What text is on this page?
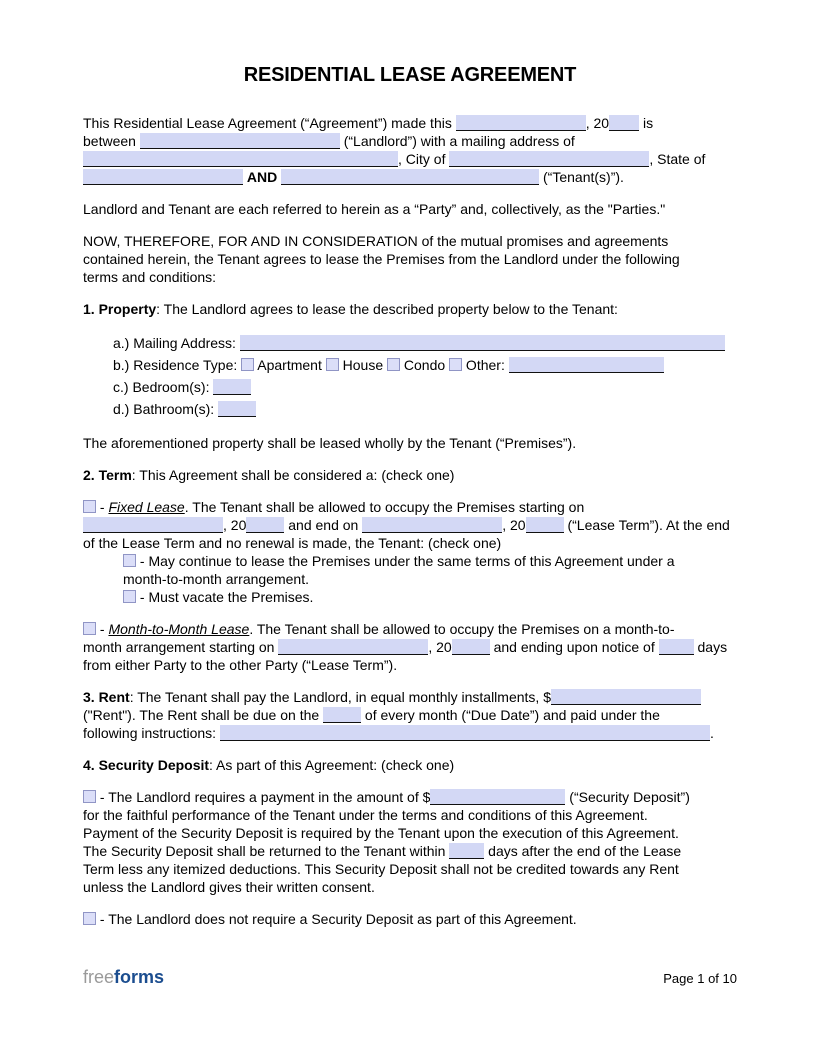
RESIDENTIAL LEASE AGREEMENT

This Residential Lease Agreement (“Agreement”) made this	, 20 is
between	(“Landlord”) with a mailing address of
, City of	, State of
AND	(“Tenant(s)”).

Landlord and Tenant are each referred to herein as a “Party” and, collectively, as the "Parties."

NOW, THEREFORE, FOR AND IN CONSIDERATION of the mutual promises and agreements
contained herein, the Tenant agrees to lease the Premises from the Landlord under the following
terms and conditions:

1. Property: The Landlord agrees to lease the described property below to the Tenant:

a.) Mailing Address:

b.) Residence Type:  Apartment  House  Condo  Other:

c.) Bedroom(s):

d.) Bathroom(s):

The aforementioned property shall be leased wholly by the Tenant (“Premises”).

2. Term: This Agreement shall be considered a: (check one)

- Fixed Lease. The Tenant shall be allowed to occupy the Premises starting on
, 20	and end on	, 20	(“Lease Term”). At the end
of the Lease Term and no renewal is made, the Tenant: (check one)

- May continue to lease the Premises under the same terms of this Agreement under a
month-to-month arrangement.

- Must vacate the Premises.

- Month-to-Month Lease. The Tenant shall be allowed to occupy the Premises on a month-to-
month arrangement starting on	, 20	and ending upon notice of	days
from either Party to the other Party (“Lease Term”).

3. Rent: The Tenant shall pay the Landlord, in equal monthly installments, $
("Rent"). The Rent shall be due on the	of every month (“Due Date”) and paid under the
following instructions:	.

4. Security Deposit: As part of this Agreement: (check one)

- The Landlord requires a payment in the amount of $	(“Security Deposit”)
for the faithful performance of the Tenant under the terms and conditions of this Agreement.
Payment of the Security Deposit is required by the Tenant upon the execution of this Agreement.
The Security Deposit shall be returned to the Tenant within	days after the end of the Lease
Term less any itemized deductions. This Security Deposit shall not be credited towards any Rent
unless the Landlord gives their written consent.

- The Landlord does not require a Security Deposit as part of this Agreement.

freeforms	Page 1 of 10
